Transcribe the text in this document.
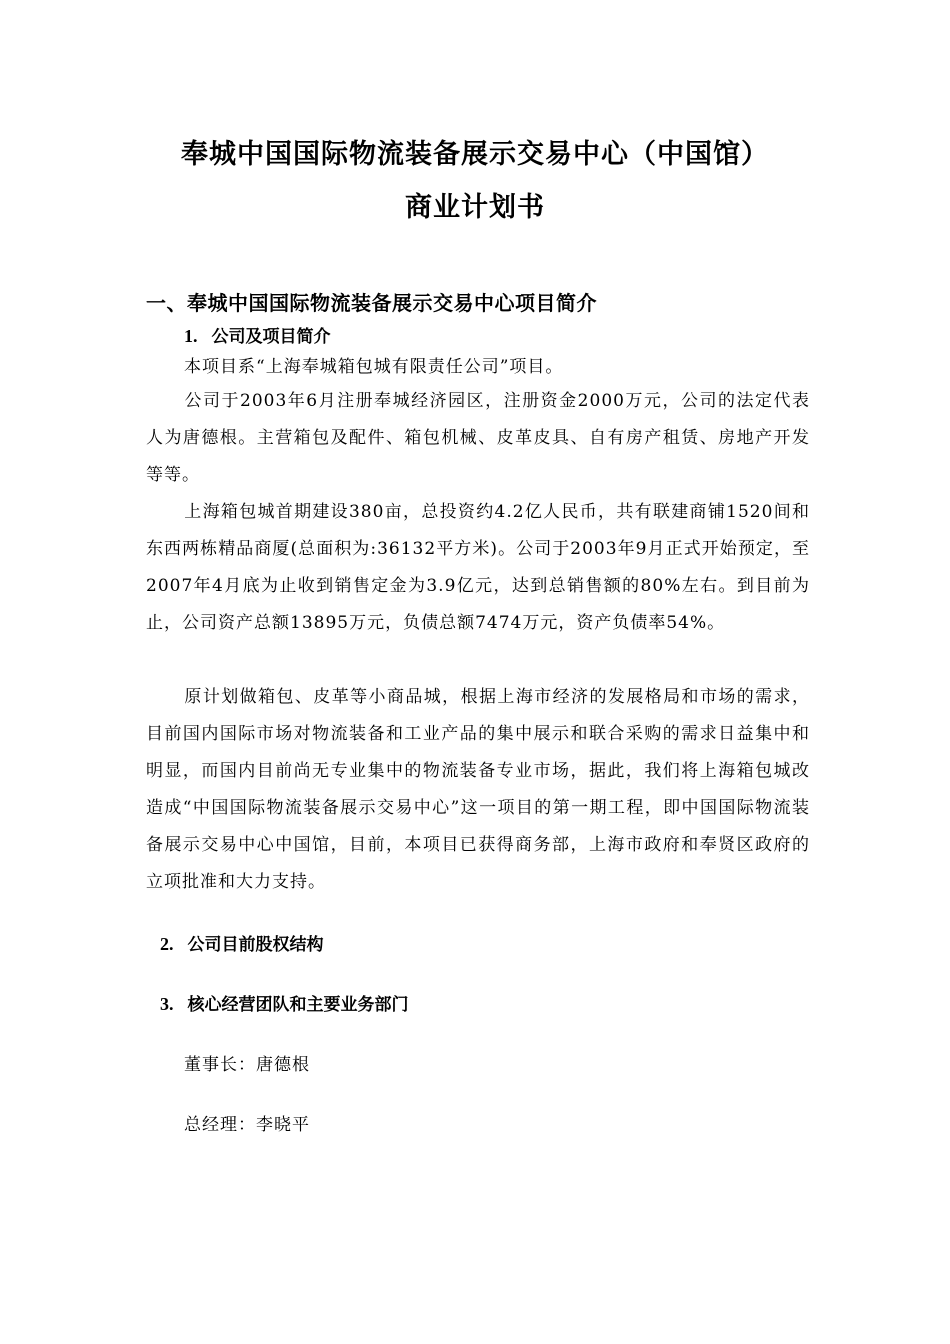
奉城中国国际物流装备展示交易中心（中国馆）
商业计划书
一、奉城中国国际物流装备展示交易中心项目简介
1. 公司及项目简介

本项目系“上海奉城箱包城有限责任公司”项目。

公司于2003年6月注册奉城经济园区，注册资金2000万元，公司的法定代表人为唐德根。主营箱包及配件、箱包机械、皮革皮具、自有房产租赁、房地产开发等等。

上海箱包城首期建设380亩，总投资约4.2亿人民币，共有联建商铺1520间和东西两栋精品商厦(总面积为:36132平方米)。公司于2003年9月正式开始预定，至2007年4月底为止收到销售定金为3.9亿元，达到总销售额的80%左右。到目前为止，公司资产总额13895万元，负债总额7474万元，资产负债率54%。

原计划做箱包、皮革等小商品城，根据上海市经济的发展格局和市场的需求，目前国内国际市场对物流装备和工业产品的集中展示和联合采购的需求日益集中和明显，而国内目前尚无专业集中的物流装备专业市场，据此，我们将上海箱包城改造成“中国国际物流装备展示交易中心”这一项目的第一期工程，即中国国际物流装备展示交易中心中国馆，目前，本项目已获得商务部，上海市政府和奉贤区政府的立项批准和大力支持。

2. 公司目前股权结构
3. 核心经营团队和主要业务部门
董事长：唐德根
总经理：李晓平
